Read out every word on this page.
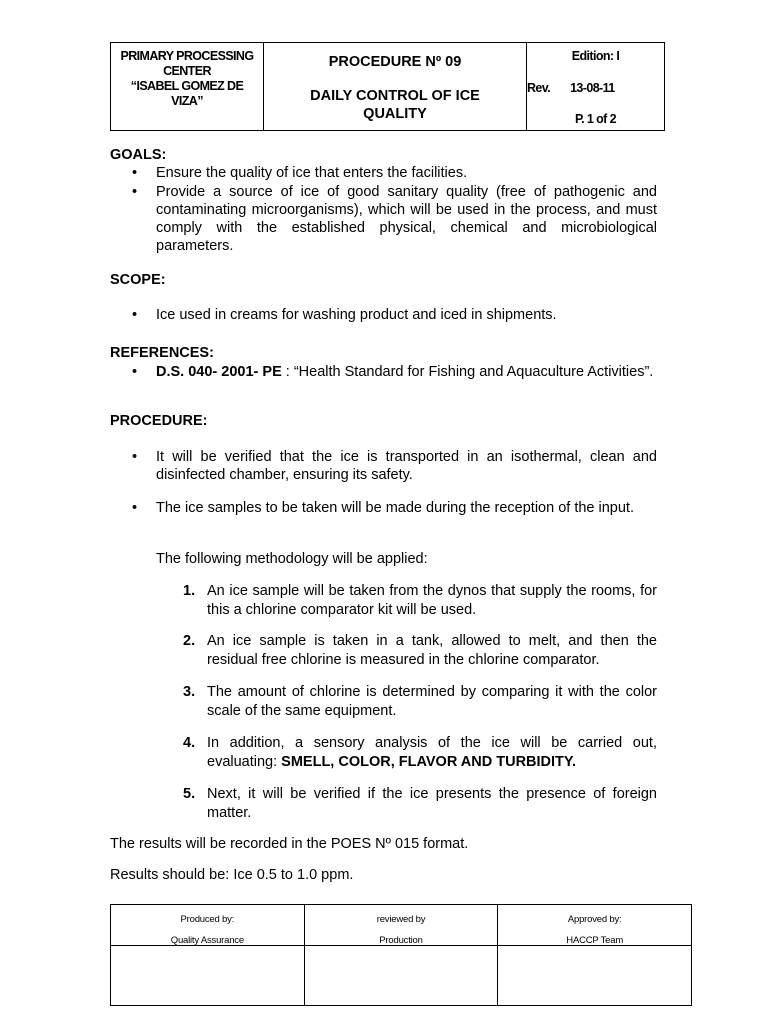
PRIMARY PROCESSING
CENTER
“ISABEL GOMEZ DE
VIZA”
PROCEDURE Nº 09
DAILY CONTROL OF ICE
QUALITY
Edition: I
Rev. 13-08-11
P. 1 of 2
GOALS:
• Ensure the quality of ice that enters the facilities.
• Provide a source of ice of good sanitary quality (free of pathogenic and contaminating microorganisms), which will be used in the process, and must comply with the established physical, chemical and microbiological parameters.
SCOPE:
• Ice used in creams for washing product and iced in shipments.
REFERENCES:
• D.S. 040- 2001- PE : “Health Standard for Fishing and Aquaculture Activities”.
PROCEDURE:
• It will be verified that the ice is transported in an isothermal, clean and disinfected chamber, ensuring its safety.
• The ice samples to be taken will be made during the reception of the input.
The following methodology will be applied:
1. An ice sample will be taken from the dynos that supply the rooms, for this a chlorine comparator kit will be used.
2. An ice sample is taken in a tank, allowed to melt, and then the residual free chlorine is measured in the chlorine comparator.
3. The amount of chlorine is determined by comparing it with the color scale of the same equipment.
4. In addition, a sensory analysis of the ice will be carried out, evaluating: SMELL, COLOR, FLAVOR AND TURBIDITY.
5. Next, it will be verified if the ice presents the presence of foreign matter.
The results will be recorded in the POES Nº 015 format.
Results should be: Ice 0.5 to 1.0 ppm.
Produced by:
Quality Assurance
reviewed by
Production
Approved by:
HACCP Team
